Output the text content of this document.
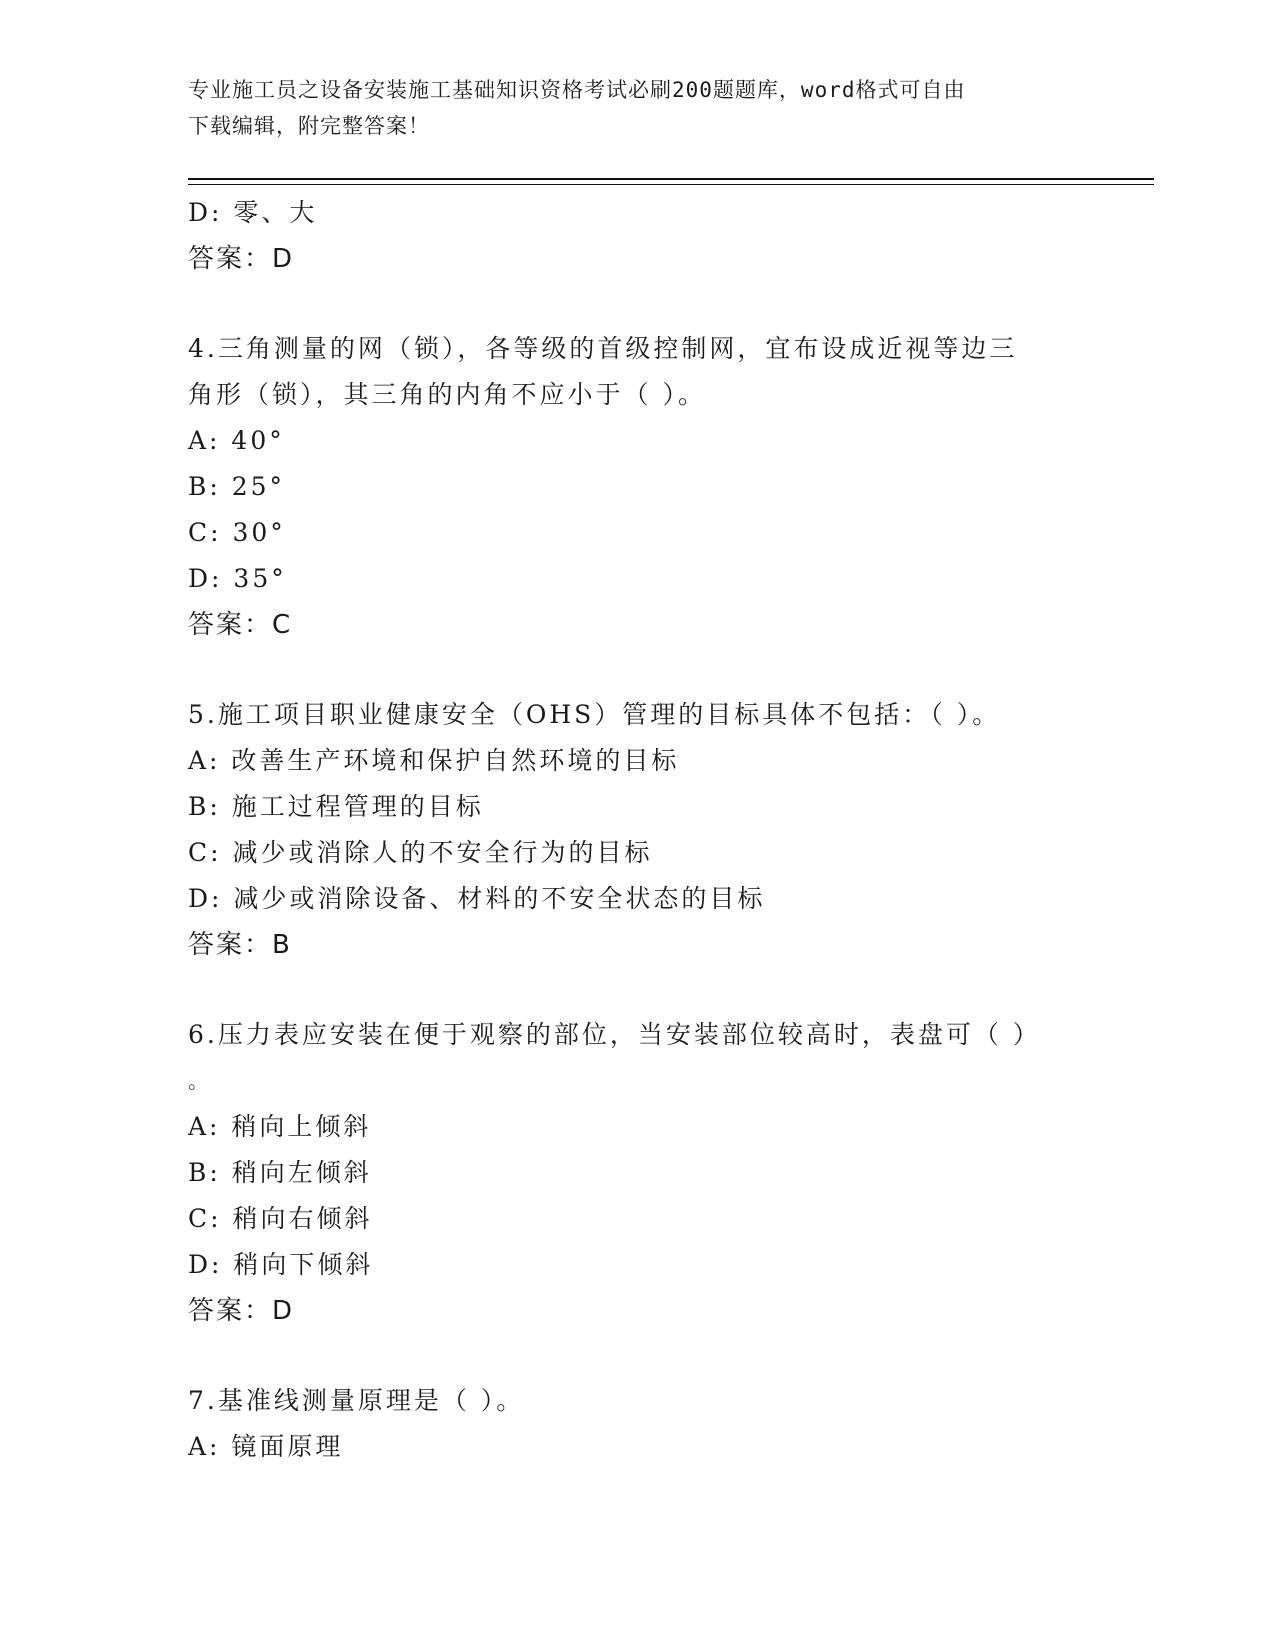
专业施工员之设备安装施工基础知识资格考试必刷200题题库，word格式可自由
下载编辑，附完整答案！
D: 零、大
答案：D
4.三角测量的网（锁），各等级的首级控制网，宜布设成近视等边三
角形（锁），其三角的内角不应小于（ ）。
A: 40°
B: 25°
C: 30°
D: 35°
答案：C
5.施工项目职业健康安全（OHS）管理的目标具体不包括：（ ）。
A: 改善生产环境和保护自然环境的目标
B: 施工过程管理的目标
C: 减少或消除人的不安全行为的目标
D: 减少或消除设备、材料的不安全状态的目标
答案：B
6.压力表应安装在便于观察的部位，当安装部位较高时，表盘可（ ）
。
A: 稍向上倾斜
B: 稍向左倾斜
C: 稍向右倾斜
D: 稍向下倾斜
答案：D
7.基准线测量原理是（ ）。
A: 镜面原理
